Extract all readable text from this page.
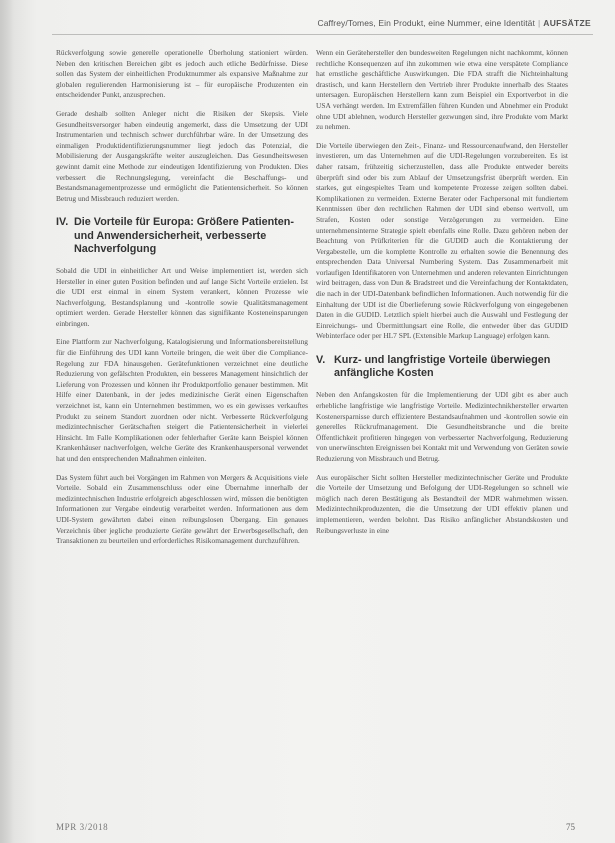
Caffrey/Tomes, Ein Produkt, eine Nummer, eine Identität | AUFSÄTZE

Rückverfolgung sowie generelle operationelle Überholung stationiert würden. Neben den kritischen Bereichen gibt es jedoch auch etliche Bedürfnisse. Diese sollen das System der einheitlichen Produktnummer als expansive Maßnahme zur globalen regulierenden Harmonisierung ist – für europäische Produzenten ein entscheidender Punkt, anzusprechen.

Gerade deshalb sollten Anleger nicht die Risiken der Skepsis. Viele Gesundheitsversorger haben eindeutig angemerkt, dass die Umsetzung der UDI Instrumentarien und technisch schwer durchführbar wäre. In der Umsetzung des einmaligen Produktidentifizierungsnummer liegt jedoch das Potenzial, die Mobilisierung der Ausgangskräfte weiter auszugleichen. Das Gesundheitswesen gewinnt damit eine Methode zur eindeutigen Identifizierung von Produkten. Dies verbessert die Rechnungslegung, vereinfacht die Beschaffungs- und Bestandsmanagementprozesse und ermöglicht die Patientensicherheit. So können Betrug und Missbrauch reduziert werden.

IV. Die Vorteile für Europa: Größere Patienten- und Anwendersicherheit, verbesserte Nachverfolgung

Sobald die UDI in einheitlicher Art und Weise implementiert ist, werden sich Hersteller in einer guten Position befinden und auf lange Sicht Vorteile erzielen. Ist die UDI erst einmal in einem System verankert, können Prozesse wie Nachverfolgung, Bestandsplanung und -kontrolle sowie Qualitätsmanagement optimiert werden. Gerade Hersteller können das signifikante Kosteneinsparungen einbringen.

Eine Plattform zur Nachverfolgung, Katalogisierung und Informationsbereitstellung für die Einführung des UDI kann Vorteile bringen, die weit über die Compliance-Regelung zur FDA hinausgehen. Gerätefunktionen verzeichnet eine deutliche Reduzierung von gefälschten Produkten, ein besseres Management hinsichtlich der Lieferung von Prozessen und können ihr Produktportfolio genauer bestimmen. Mit Hilfe einer Datenbank, in der jedes medizinische Gerät einen Eigenschaften verzeichnet ist, kann ein Unternehmen bestimmen, wo es ein gewisses verkauftes Produkt zu seinem Standort zuordnen oder nicht. Verbesserte Rückverfolgung medizintechnischer Gerätschaften steigert die Patientensicherheit in vielerlei Hinsicht. Im Falle Komplikationen oder fehlerhafter Geräte kann Beispiel können Krankenhäuser nachverfolgen, welche Geräte des Krankenhauspersonal verwendet hat und den entsprechenden Maßnahmen einleiten.

Das System führt auch bei Vorgängen im Rahmen von Mergers & Acquisitions viele Vorteile. Sobald ein Zusammenschluss oder eine Übernahme innerhalb der medizintechnischen Industrie erfolgreich abgeschlossen wird, müssen die benötigten Informationen zur Vergabe eindeutig verarbeitet werden. Informationen aus dem UDI-System gewährten dabei einen reibungslosen Übergang. Ein genaues Verzeichnis über jegliche produzierte Geräte gewährt der Erwerbsgesellschaft, den Transaktionen zu beurteilen und erforderliches Risikomanagement durchzuführen.

Wenn ein Gerätehersteller den bundesweiten Regelungen nicht nachkommt, können rechtliche Konsequenzen auf ihn zukommen wie etwa eine verspätete Compliance hat ernstliche geschäftliche Auswirkungen. Die FDA strafft die Nichteinhaltung drastisch, und kann Herstellern den Vertrieb ihrer Produkte innerhalb des Staates untersagen. Europäischen Herstellern kann zum Beispiel ein Exportverbot in die USA verhängt werden. Im Extremfällen führen Kunden und Abnehmer ein Produkt ohne UDI ablehnen, wodurch Hersteller gezwungen sind, ihre Produkte vom Markt zu nehmen.

Die Vorteile überwiegen den Zeit-, Finanz- und Ressourcenaufwand, den Hersteller investieren, um das Unternehmen auf die UDI-Regelungen vorzubereiten. Es ist daher ratsam, frühzeitig sicherzustellen, dass alle Produkte entweder bereits überprüft sind oder bis zum Ablauf der Umsetzungsfrist überprüft werden. Ein starkes, gut eingespieltes Team und kompetente Prozesse zeigen sollten dabei. Komplikationen zu vermeiden. Externe Berater oder Fachpersonal mit fundiertem Kenntnissen über den rechtlichen Rahmen der UDI sind ebenso wertvoll, um Strafen, Kosten oder sonstige Verzögerungen zu vermeiden. Eine unternehmensinterne Strategie spielt ebenfalls eine Rolle. Dazu gehören neben der Beachtung von Prüfkriterien für die GUDID auch die Kontaktierung der Vergabestelle, um die komplette Kontrolle zu erhalten sowie die Benennung des entsprechenden Data Universal Numbering System. Das Zusammenarbeit mit vorlaufigen Identifikatoren von Unternehmen und anderen relevanten Einrichtungen wird beitragen, dass von Dun & Bradstreet und die Vereinfachung der Kontaktdaten, die nach in der UDI-Datenbank befindlichen Informationen. Auch notwendig für die Einhaltung der UDI ist die Überlieferung sowie Rückverfolgung von eingegebenen Daten in die GUDID. Letztlich spielt hierbei auch die Auswahl und Festlegung der Einreichungs- und Übermittlungsart eine Rolle, die entweder über das GUDID Webinterface oder per HL7 SPL (Extensible Markup Language) erfolgen kann.

V. Kurz- und langfristige Vorteile überwiegen anfängliche Kosten

Neben den Anfangskosten für die Implementierung der UDI gibt es aber auch erhebliche langfristige wie langfristige Vorteile. Medizintechnikhersteller erwarten Kostenersparnisse durch effizientere Bestandsaufnahmen und -kontrollen sowie ein generelles Rückrufmanagement. Die Gesundheitsbranche und die breite Öffentlichkeit profitieren hingegen von verbesserter Nachverfolgung, Reduzierung von unerwünschten Ereignissen bei Kontakt mit und Verwendung von Geräten sowie Reduzierung von Missbrauch und Betrug.

Aus europäischer Sicht sollten Hersteller medizintechnischer Geräte und Produkte die Vorteile der Umsetzung und Befolgung der UDI-Regelungen so schnell wie möglich nach deren Bestätigung als Bestandteil der MDR wahrnehmen wissen. Medizintechnikproduzenten, die die Umsetzung der UDI effektiv planen und implementieren, werden belohnt. Das Risiko anfänglicher Abstandskosten und Reibungsverluste in eine

MPR 3/2018	75
